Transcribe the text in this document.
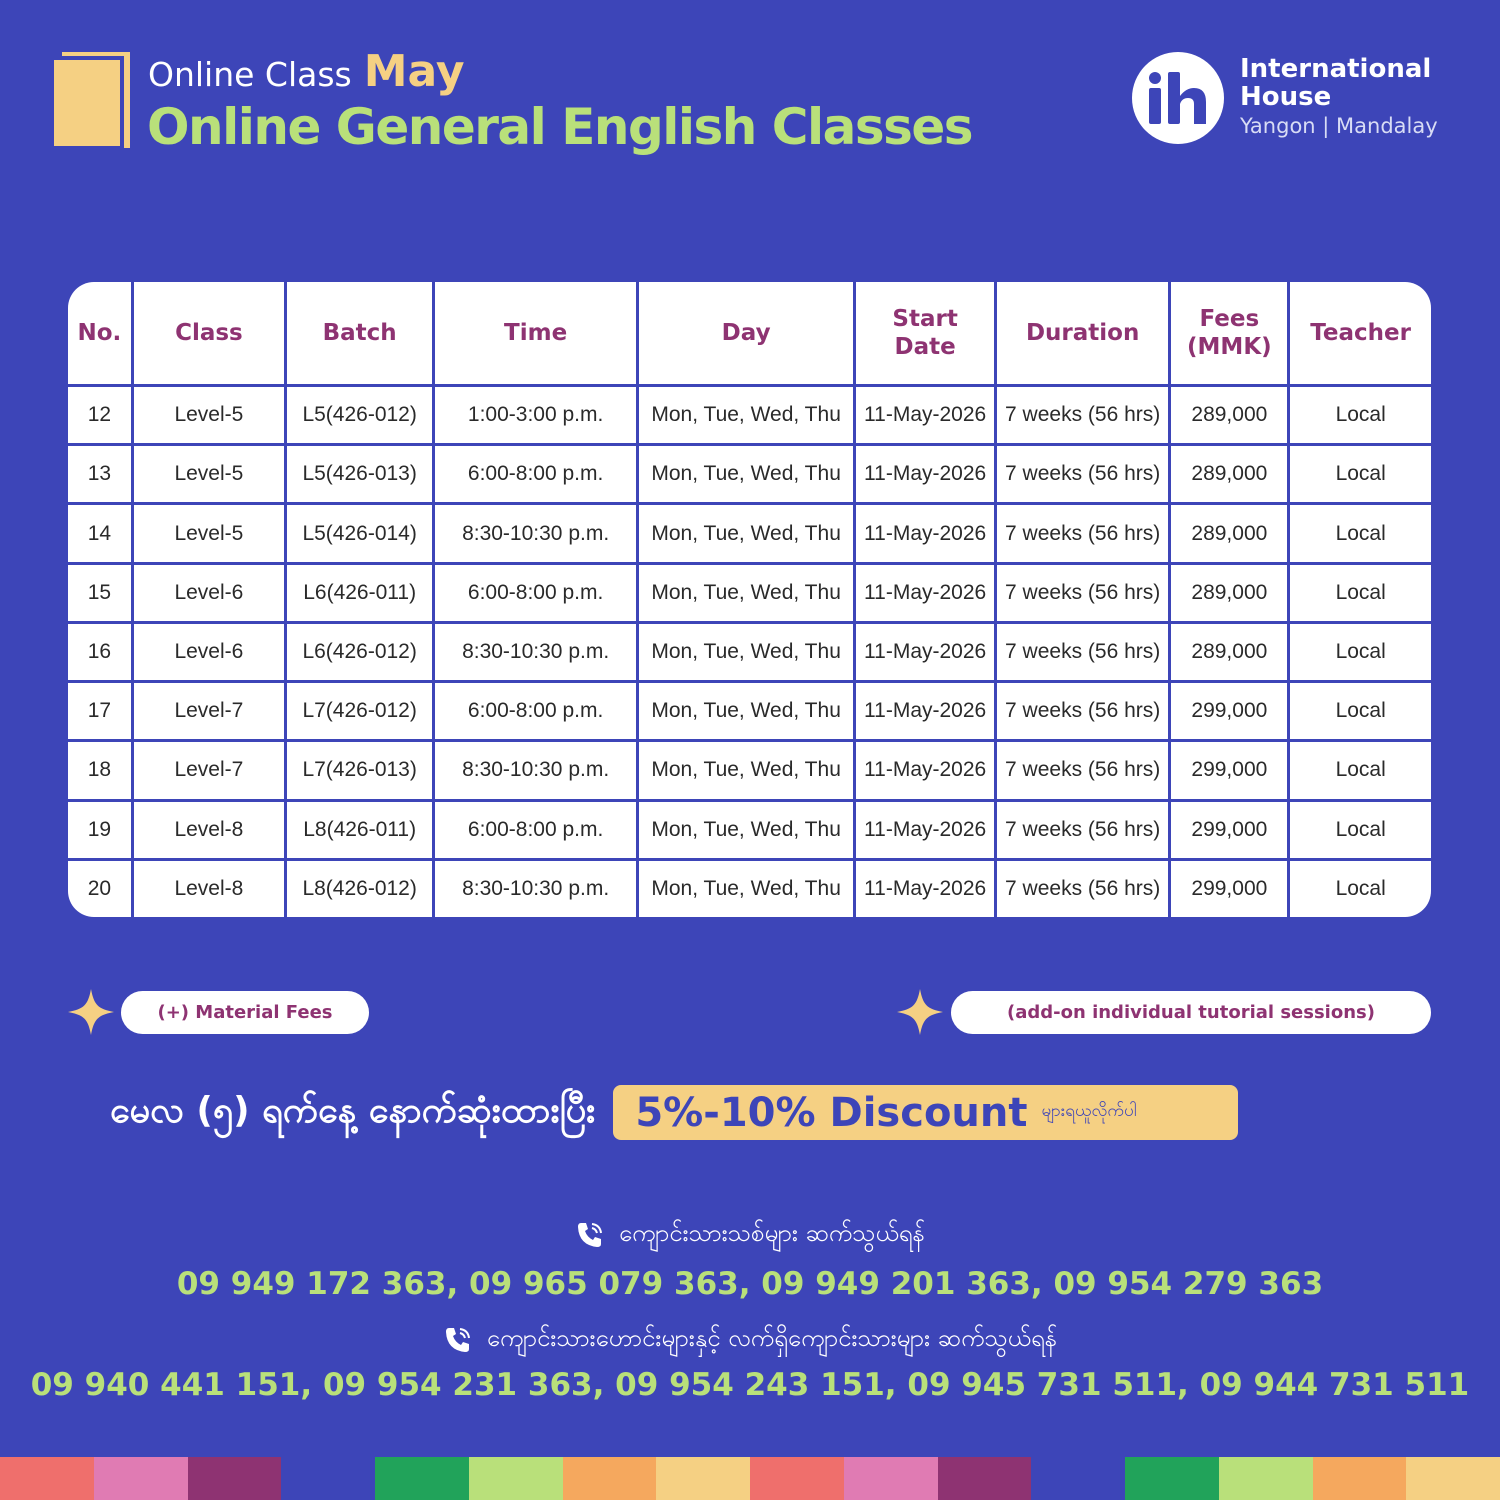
Online Class May
Online General English Classes
International
House
Yangon | Mandalay
No.	Class	Batch	Time	Day	Start Date	Duration	Fees (MMK)	Teacher
12	Level-5	L5(426-012)	1:00-3:00 p.m.	Mon, Tue, Wed, Thu	11-May-2026	7 weeks (56 hrs)	289,000	Local
13	Level-5	L5(426-013)	6:00-8:00 p.m.	Mon, Tue, Wed, Thu	11-May-2026	7 weeks (56 hrs)	289,000	Local
14	Level-5	L5(426-014)	8:30-10:30 p.m.	Mon, Tue, Wed, Thu	11-May-2026	7 weeks (56 hrs)	289,000	Local
15	Level-6	L6(426-011)	6:00-8:00 p.m.	Mon, Tue, Wed, Thu	11-May-2026	7 weeks (56 hrs)	289,000	Local
16	Level-6	L6(426-012)	8:30-10:30 p.m.	Mon, Tue, Wed, Thu	11-May-2026	7 weeks (56 hrs)	289,000	Local
17	Level-7	L7(426-012)	6:00-8:00 p.m.	Mon, Tue, Wed, Thu	11-May-2026	7 weeks (56 hrs)	299,000	Local
18	Level-7	L7(426-013)	8:30-10:30 p.m.	Mon, Tue, Wed, Thu	11-May-2026	7 weeks (56 hrs)	299,000	Local
19	Level-8	L8(426-011)	6:00-8:00 p.m.	Mon, Tue, Wed, Thu	11-May-2026	7 weeks (56 hrs)	299,000	Local
20	Level-8	L8(426-012)	8:30-10:30 p.m.	Mon, Tue, Wed, Thu	11-May-2026	7 weeks (56 hrs)	299,000	Local
(+) Material Fees	(add-on individual tutorial sessions)
မေလ (၅) ရက်နေ့ နောက်ဆုံးထားပြီး 5%-10% Discount များရယူလိုက်ပါ
ကျောင်းသားသစ်များ ဆက်သွယ်ရန်
09 949 172 363, 09 965 079 363, 09 949 201 363, 09 954 279 363
ကျောင်းသားဟောင်းများနှင့် လက်ရှိကျောင်းသားများ ဆက်သွယ်ရန်
09 940 441 151, 09 954 231 363, 09 954 243 151, 09 945 731 511, 09 944 731 511
